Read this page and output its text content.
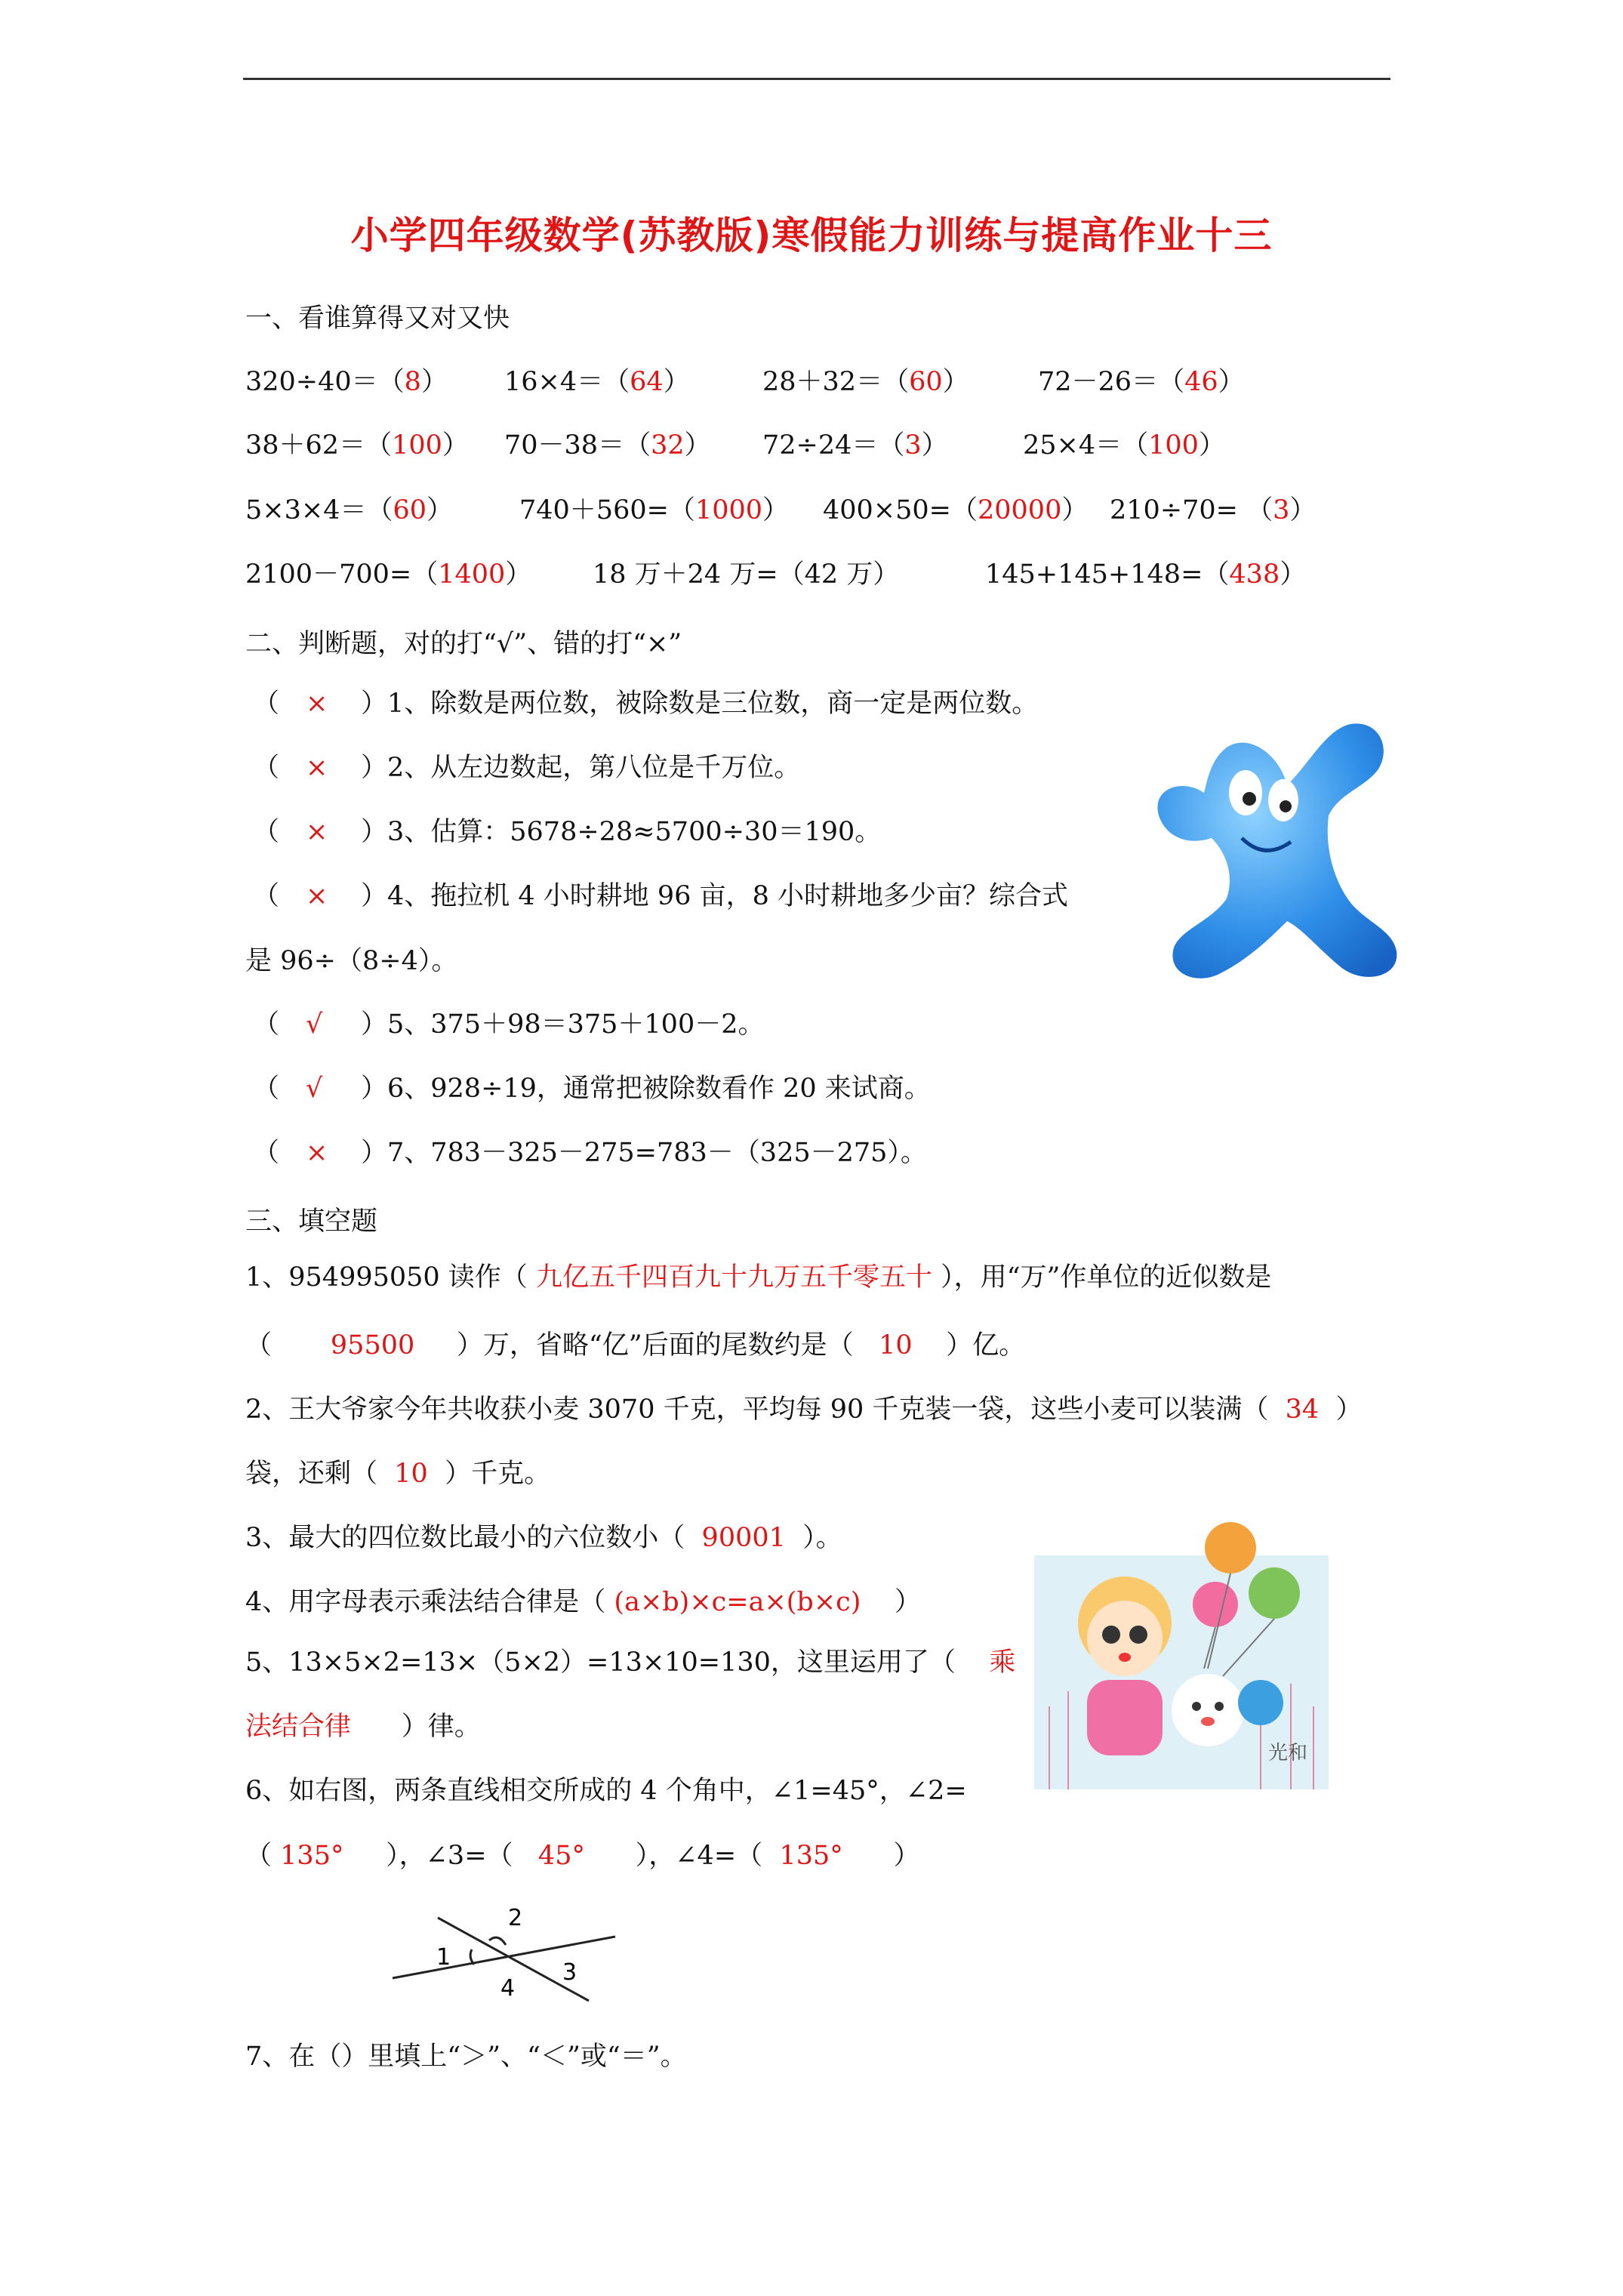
小学四年级数学(苏教版)寒假能力训练与提高作业十三
一、看谁算得又对又快
320÷40＝（8） 16×4＝（64）	28＋32＝（60）	72－26＝（46）
38＋62＝（100） 70－38＝（32） 72÷24＝（3）	25×4＝（100）
5×3×4＝（60）	740＋560=（1000） 400×50=（20000） 210÷70= （3）
2100－700=（1400） 18 万＋24 万=（42 万）	145+145+148=（438）
二、判断题，对的打“√”、错的打“×”
（ × ）1、除数是两位数，被除数是三位数，商一定是两位数。
（ × ）2、从左边数起，第八位是千万位。
（ × ）3、估算：5678÷28≈5700÷30＝190。
（ × ）4、拖拉机 4 小时耕地 96 亩，8 小时耕地多少亩？综合式
（ √ ）5、375＋98＝375＋100－2。
（ √ ）6、928÷19，通常把被除数看作 20 来试商。
（ × ）7、783－325－275=783－（325－275）。
是 96÷（8÷4）。
三、填空题
1、954995050 读作（ 九亿五千四百九十九万五千零五十 ），用“万”作单位的近似数是
（ 95500 ）万，省略“亿”后面的尾数约是（ 10 ）亿。
2、王大爷家今年共收获小麦 3070 千克，平均每 90 千克装一袋，这些小麦可以装满（ 34 ）
袋，还剩（ 10 ）千克。
3、最大的四位数比最小的六位数小（ 90001 ）。
4、用字母表示乘法结合律是（ (a×b)×c=a×(b×c) ）
5、13×5×2=13×（5×2）=13×10=130，这里运用了（ 乘
法结合律 ）律。
光和
6、如右图，两条直线相交所成的 4 个角中，∠1=45°，∠2=
（ 135° ），∠3=（ 45° ），∠4=（ 135° ）
1
2
3
4
7、在（）里填上“＞”、“＜”或“＝”。
